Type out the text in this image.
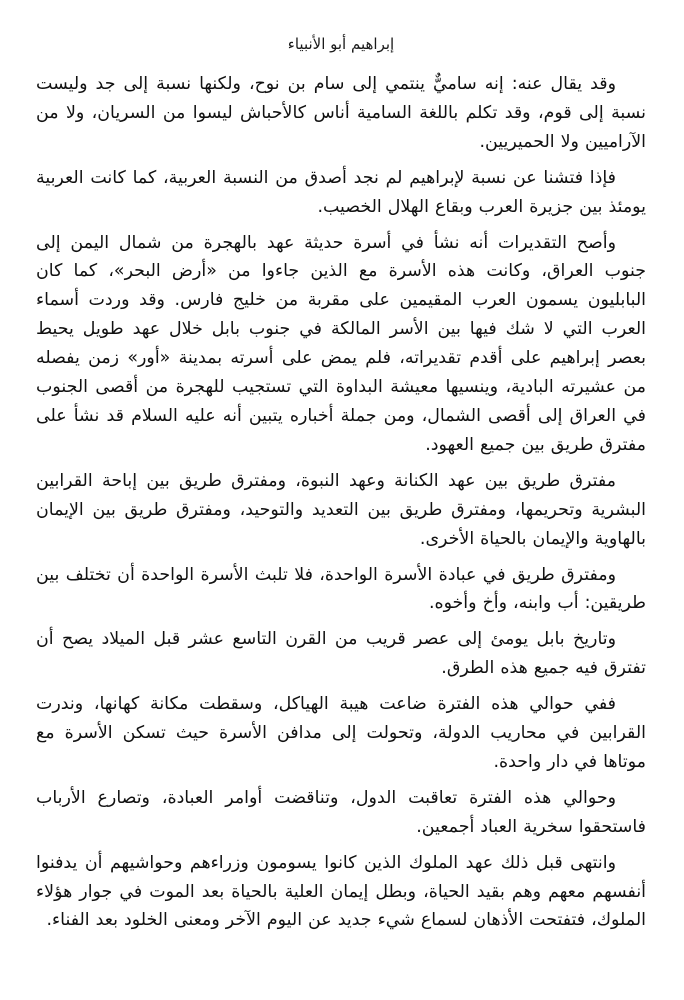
إبراهيم أبو الأنبياء

وقد يقال عنه: إنه ساميٌّ ينتمي إلى سام بن نوح، ولكنها نسبة إلى جد وليست نسبة إلى قوم، وقد تكلم باللغة السامية أناس كالأحباش ليسوا من السريان، ولا من الآراميين ولا الحميريين.

فإذا فتشنا عن نسبة لإبراهيم لم نجد أصدق من النسبة العربية، كما كانت العربية يومئذ بين جزيرة العرب وبقاع الهلال الخصيب.

وأصح التقديرات أنه نشأ في أسرة حديثة عهد بالهجرة من شمال اليمن إلى جنوب العراق، وكانت هذه الأسرة مع الذين جاءوا من «أرض البحر»، كما كان البابليون يسمون العرب المقيمين على مقربة من خليج فارس. وقد وردت أسماء العرب التي لا شك فيها بين الأسر المالكة في جنوب بابل خلال عهد طويل يحيط بعصر إبراهيم على أقدم تقديراته، فلم يمض على أسرته بمدينة «أور» زمن يفصله من عشيرته البادية، وينسيها معيشة البداوة التي تستجيب للهجرة من أقصى الجنوب في العراق إلى أقصى الشمال، ومن جملة أخباره يتبين أنه عليه السلام قد نشأ على مفترق طريق بين جميع العهود.

مفترق طريق بين عهد الكنانة وعهد النبوة، ومفترق طريق بين إباحة القرابين البشرية وتحريمها، ومفترق طريق بين التعديد والتوحيد، ومفترق طريق بين الإيمان بالهاوية والإيمان بالحياة الأخرى.

ومفترق طريق في عبادة الأسرة الواحدة، فلا تلبث الأسرة الواحدة أن تختلف بين طريقين: أب وابنه، وأخ وأخوه.

وتاريخ بابل يومئ إلى عصر قريب من القرن التاسع عشر قبل الميلاد يصح أن تفترق فيه جميع هذه الطرق.

ففي حوالي هذه الفترة ضاعت هيبة الهياكل، وسقطت مكانة كهانها، وندرت القرابين في محاريب الدولة، وتحولت إلى مدافن الأسرة حيث تسكن الأسرة مع موتاها في دار واحدة.

وحوالي هذه الفترة تعاقبت الدول، وتناقضت أوامر العبادة، وتصارع الأرباب فاستحقوا سخرية العباد أجمعين.

وانتهى قبل ذلك عهد الملوك الذين كانوا يسومون وزراءهم وحواشيهم أن يدفنوا أنفسهم معهم وهم بقيد الحياة، وبطل إيمان العلية بالحياة بعد الموت في جوار هؤلاء الملوك، فتفتحت الأذهان لسماع شيء جديد عن اليوم الآخر ومعنى الخلود بعد الفناء.
